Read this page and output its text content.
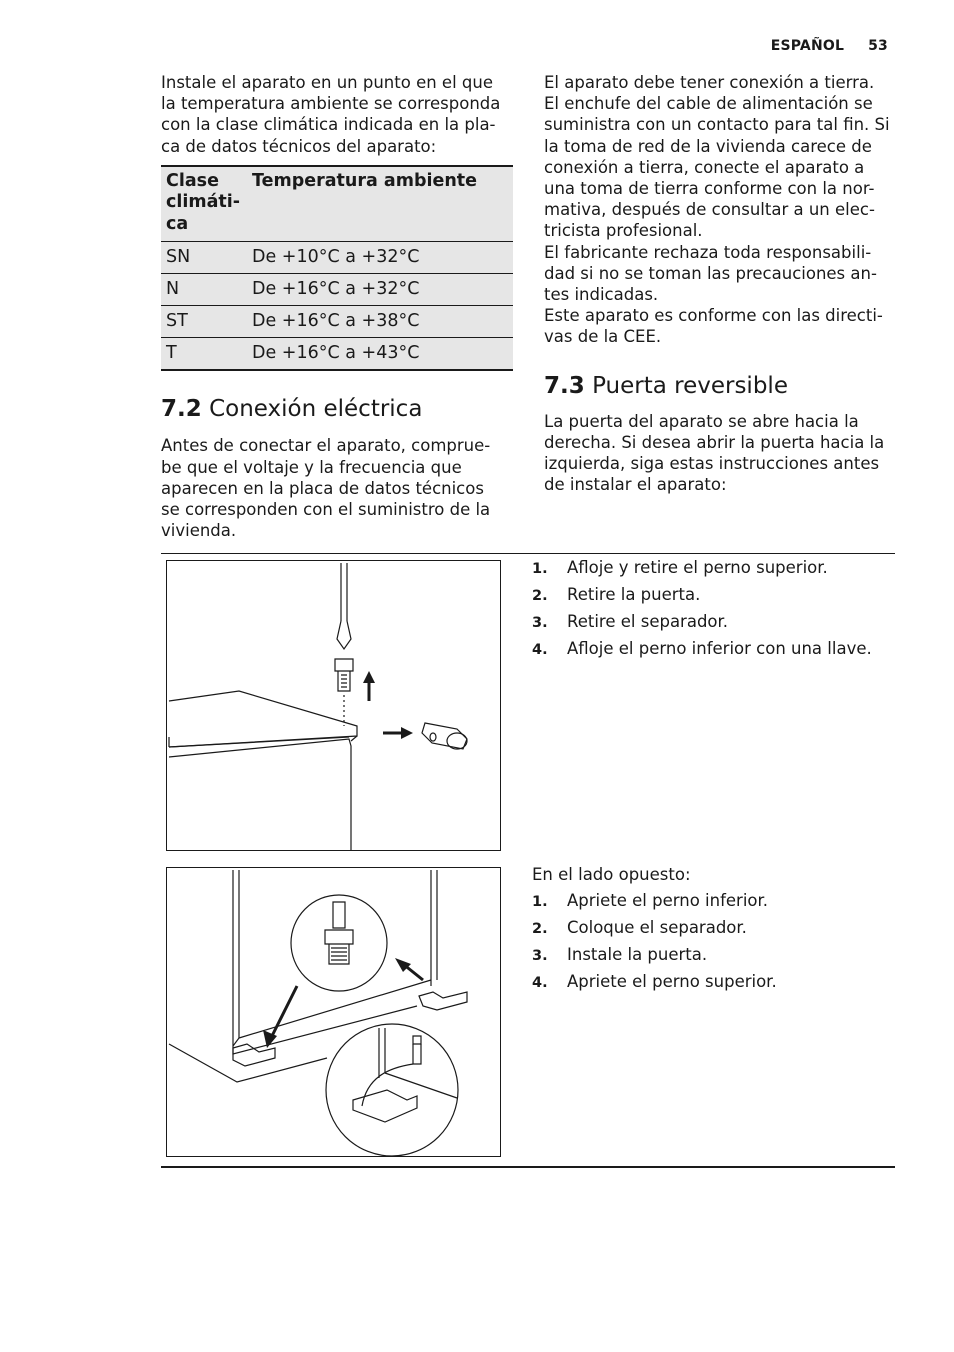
ESPAÑOL 53

Instale el aparato en un punto en el que
la temperatura ambiente se corresponda
con la clase climática indicada en la pla-
ca de datos técnicos del aparato:

Clase
climáti-
ca	Temperatura ambiente
SN	De +10°C a +32°C
N	De +16°C a +32°C
ST	De +16°C a +38°C
T	De +16°C a +43°C
7.2 Conexión eléctrica

Antes de conectar el aparato, comprue-
be que el voltaje y la frecuencia que
aparecen en la placa de datos técnicos
se corresponden con el suministro de la
vivienda.

El aparato debe tener conexión a tierra.
El enchufe del cable de alimentación se
suministra con un contacto para tal fin. Si
la toma de red de la vivienda carece de
conexión a tierra, conecte el aparato a
una toma de tierra conforme con la nor-
mativa, después de consultar a un elec-
tricista profesional.
El fabricante rechaza toda responsabili-
dad si no se toman las precauciones an-
tes indicadas.
Este aparato es conforme con las directi-
vas de la CEE.

7.3 Puerta reversible

La puerta del aparato se abre hacia la
derecha. Si desea abrir la puerta hacia la
izquierda, siga estas instrucciones antes
de instalar el aparato:

1.	Afloje y retire el perno superior.
2.	Retire la puerta.
3.	Retire el separador.
4.	Afloje el perno inferior con una llave.

En el lado opuesto:

1.	Apriete el perno inferior.
2.	Coloque el separador.
3.	Instale la puerta.
4.	Apriete el perno superior.
